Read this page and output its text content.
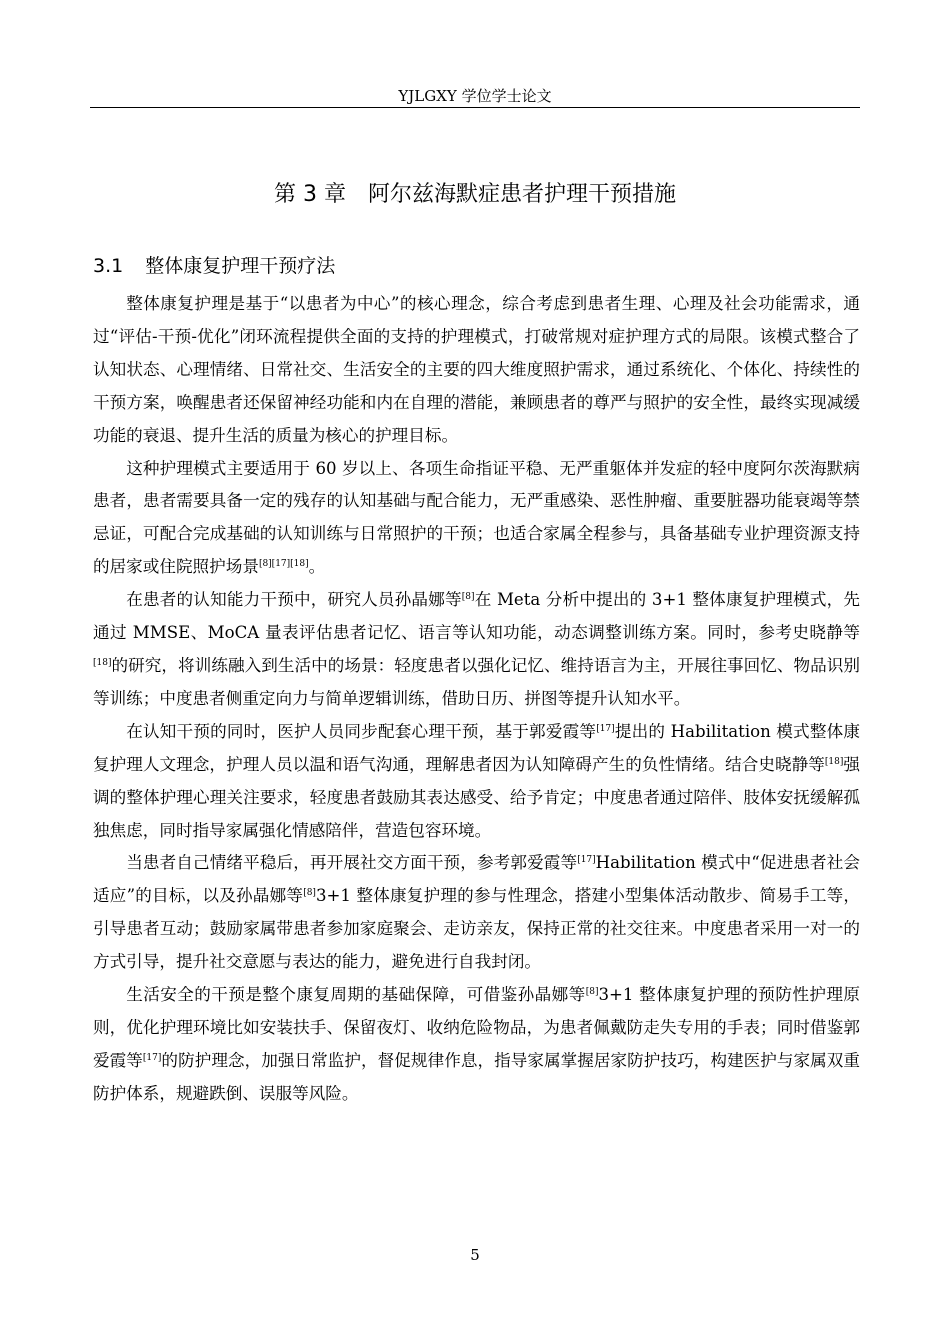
YJLGXY 学位学士论文
第 3 章 阿尔兹海默症患者护理干预措施
3.1 整体康复护理干预疗法

整体康复护理是基于“以患者为中心”的核心理念，综合考虑到患者生理、心理及社会功能需求，通过“评估-干预-优化”闭环流程提供全面的支持的护理模式，打破常规对症护理方式的局限。该模式整合了认知状态、心理情绪、日常社交、生活安全的主要的四大维度照护需求，通过系统化、个体化、持续性的干预方案，唤醒患者还保留神经功能和内在自理的潜能，兼顾患者的尊严与照护的安全性，最终实现减缓功能的衰退、提升生活的质量为核心的护理目标。

这种护理模式主要适用于 60 岁以上、各项生命指证平稳、无严重躯体并发症的轻中度阿尔茨海默病患者，患者需要具备一定的残存的认知基础与配合能力，无严重感染、恶性肿瘤、重要脏器功能衰竭等禁忌证，可配合完成基础的认知训练与日常照护的干预；也适合家属全程参与，具备基础专业护理资源支持的居家或住院照护场景[8][17][18]。

在患者的认知能力干预中，研究人员孙晶娜等[8]在 Meta 分析中提出的 3+1 整体康复护理模式，先通过 MMSE、MoCA 量表评估患者记忆、语言等认知功能，动态调整训练方案。同时，参考史晓静等[18]的研究，将训练融入到生活中的场景：轻度患者以强化记忆、维持语言为主，开展往事回忆、物品识别等训练；中度患者侧重定向力与简单逻辑训练，借助日历、拼图等提升认知水平。

在认知干预的同时，医护人员同步配套心理干预，基于郭爱霞等[17]提出的 Habilitation 模式整体康复护理人文理念，护理人员以温和语气沟通，理解患者因为认知障碍产生的负性情绪。结合史晓静等[18]强调的整体护理心理关注要求，轻度患者鼓励其表达感受、给予肯定；中度患者通过陪伴、肢体安抚缓解孤独焦虑，同时指导家属强化情感陪伴，营造包容环境。

当患者自己情绪平稳后，再开展社交方面干预，参考郭爱霞等[17]Habilitation 模式中“促进患者社会适应”的目标，以及孙晶娜等[8]3+1 整体康复护理的参与性理念，搭建小型集体活动散步、简易手工等，引导患者互动；鼓励家属带患者参加家庭聚会、走访亲友，保持正常的社交往来。中度患者采用一对一的方式引导，提升社交意愿与表达的能力，避免进行自我封闭。

生活安全的干预是整个康复周期的基础保障，可借鉴孙晶娜等[8]3+1 整体康复护理的预防性护理原则，优化护理环境比如安装扶手、保留夜灯、收纳危险物品，为患者佩戴防走失专用的手表；同时借鉴郭爱霞等[17]的防护理念，加强日常监护，督促规律作息，指导家属掌握居家防护技巧，构建医护与家属双重防护体系，规避跌倒、误服等风险。

5
